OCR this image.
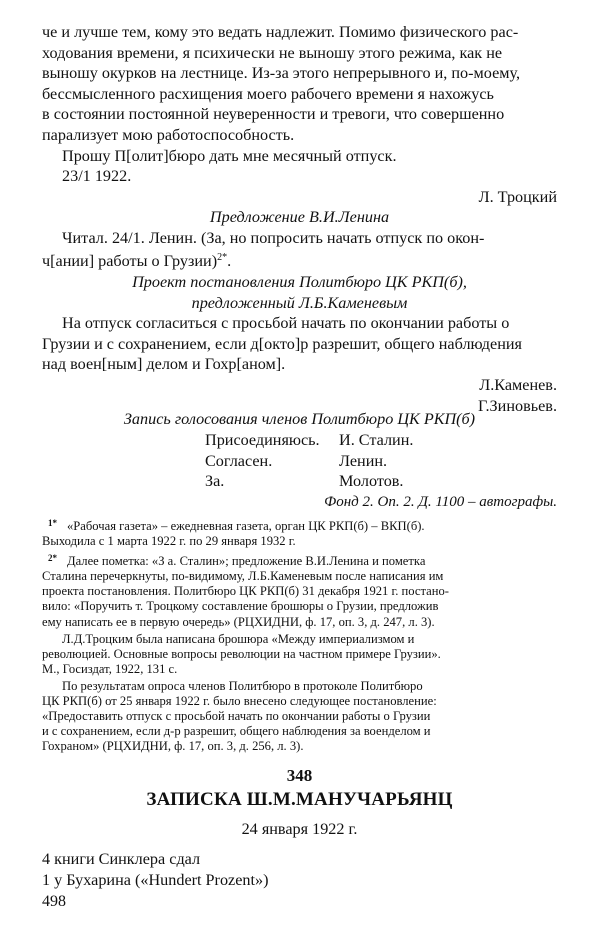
че и лучше тем, кому это ведать надлежит. Помимо физического рас-
ходования времени, я психически не выношу этого режима, как не
выношу окурков на лестнице. Из-за этого непрерывного и, по-моему,
бессмысленного расхищения моего рабочего времени я нахожусь
в состоянии постоянной неуверенности и тревоги, что совершенно
парализует мою работоспособность.
Прошу П[олит]бюро дать мне месячный отпуск.
23/1 1922.
Л. Троцкий
Предложение В.И.Ленина
Читал. 24/1. Ленин. (За, но попросить начать отпуск по окон-
ч[ании] работы о Грузии)$^{2*}$.
Проект постановления Политбюро ЦК РКП(б),
предложенный Л.Б.Каменевым
На отпуск согласиться с просьбой начать по окончании работы о
Грузии и с сохранением, если д[окто]р разрешит, общего наблюдения
над воен[ным] делом и Гохр[аном].
Л.Каменев.
Г.Зиновьев.
Запись голосования членов Политбюро ЦК РКП(б)
Присоединяюсь. И. Сталин.
Согласен.	Ленин.
За.	Молотов.
Фонд 2. Оп. 2. Д. 1100 – автографы.
$^{1*}$ «Рабочая газета» – ежедневная газета, орган ЦК РКП(б) – ВКП(б).
Выходила с 1 марта 1922 г. по 29 января 1932 г.
$^{2*}$ Далее пометка: «З а. Сталин»; предложение В.И.Ленина и пометка
Сталина перечеркнуты, по-видимому, Л.Б.Каменевым после написания им
проекта постановления. Политбюро ЦК РКП(б) 31 декабря 1921 г. постано-
вило: «Поручить т. Троцкому составление брошюры о Грузии, предложив
ему написать ее в первую очередь» (РЦХИДНИ, ф. 17, оп. 3, д. 247, л. 3).
Л.Д.Троцким была написана брошюра «Между империализмом и
революцией. Основные вопросы революции на частном примере Грузии».
М., Госиздат, 1922, 131 с.
По результатам опроса членов Политбюро в протоколе Политбюро
ЦК РКП(б) от 25 января 1922 г. было внесено следующее постановление:
«Предоставить отпуск с просьбой начать по окончании работы о Грузии
и с сохранением, если д-р разрешит, общего наблюдения за военделом и
Гохраном» (РЦХИДНИ, ф. 17, оп. 3, д. 256, л. 3).
348
ЗАПИСКА Ш.М.МАНУЧАРЬЯНЦ
24 января 1922 г.
4 книги Синклера сдал
1 у Бухарина («Hundert Prozent»)
498
